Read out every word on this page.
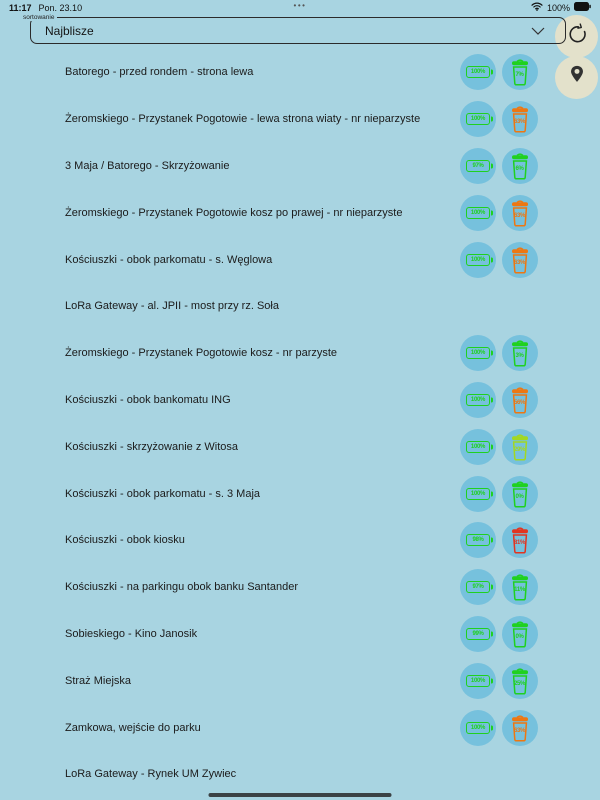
11:17 Pon. 23.10	•••	100%
sortowanie
Najblisze
Batorego - przed rondem - strona lewa	100%	7%
Żeromskiego - Przystanek Pogotowie - lewa strona wiaty - nr nieparzyste	100%	63%
3 Maja / Batorego - Skrzyżowanie	97%	6%
Żeromskiego - Przystanek Pogotowie kosz po prawej - nr nieparzyste	100%	63%
Kościuszki - obok parkomatu - s. Węglowa	100%	63%
LoRa Gateway - al. JPII - most przy rz. Soła
Żeromskiego - Przystanek Pogotowie kosz - nr parzyste	100%	3%
Kościuszki - obok bankomatu ING	100%	56%
Kościuszki - skrzyżowanie z Witosa	100%	29%
Kościuszki - obok parkomatu - s. 3 Maja	100%	0%
Kościuszki - obok kiosku	98%	81%
Kościuszki - na parkingu obok banku Santander	97%	11%
Sobieskiego - Kino Janosik	99%	0%
Straż Miejska	100%	25%
Zamkowa, wejście do parku	100%	63%
LoRa Gateway - Rynek UM Zywiec
